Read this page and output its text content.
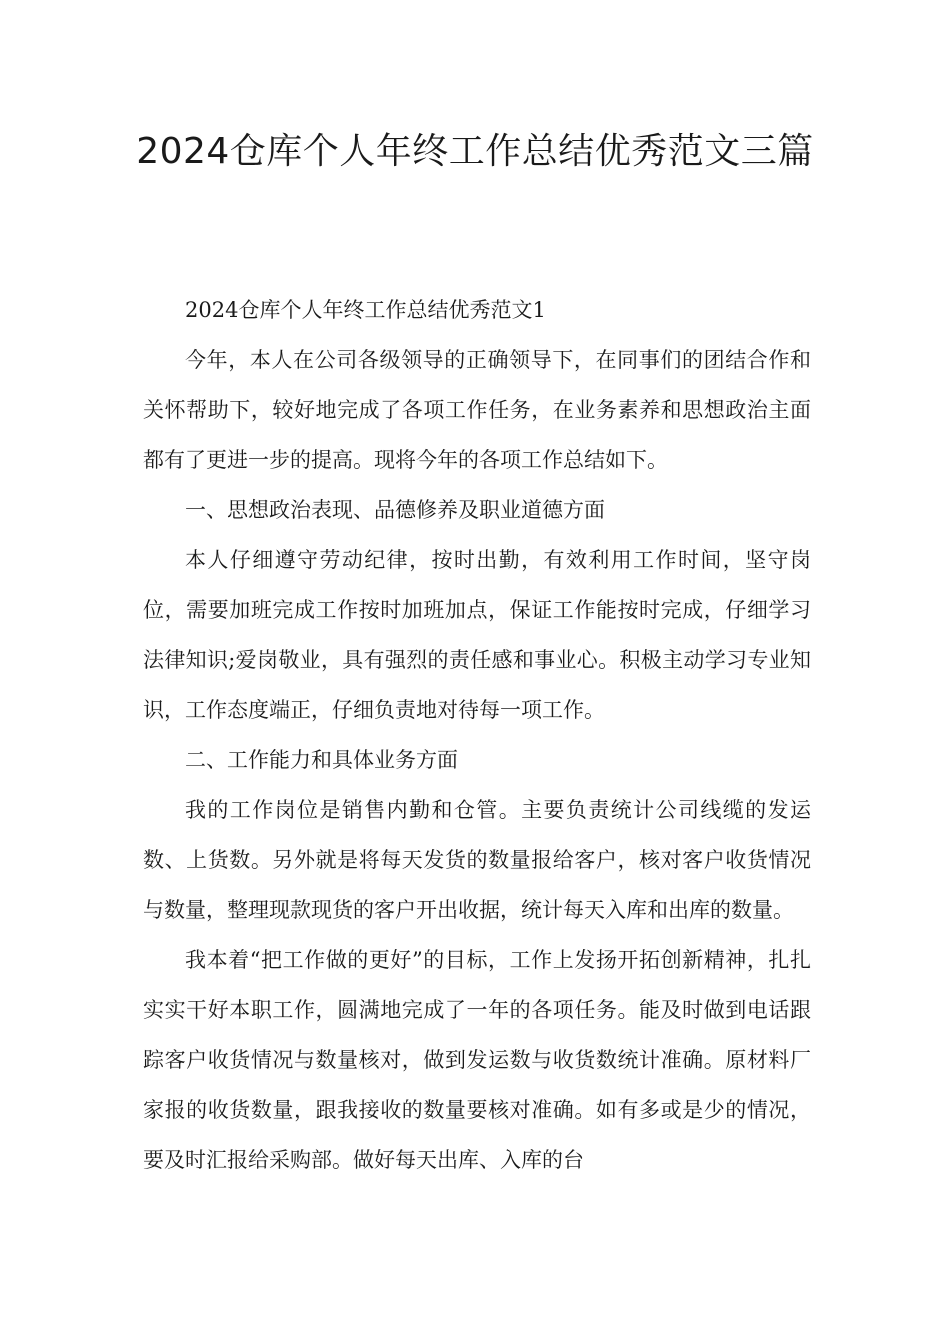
2024仓库个人年终工作总结优秀范文三篇

2024仓库个人年终工作总结优秀范文1

今年，本人在公司各级领导的正确领导下，在同事们的团结合作和关怀帮助下，较好地完成了各项工作任务，在业务素养和思想政治主面都有了更进一步的提高。现将今年的各项工作总结如下。

一、思想政治表现、品德修养及职业道德方面

本人仔细遵守劳动纪律，按时出勤，有效利用工作时间，坚守岗位，需要加班完成工作按时加班加点，保证工作能按时完成，仔细学习法律知识;爱岗敬业，具有强烈的责任感和事业心。积极主动学习专业知识，工作态度端正，仔细负责地对待每一项工作。

二、工作能力和具体业务方面

我的工作岗位是销售内勤和仓管。主要负责统计公司线缆的发运数、上货数。另外就是将每天发货的数量报给客户，核对客户收货情况与数量，整理现款现货的客户开出收据，统计每天入库和出库的数量。

我本着“把工作做的更好”的目标，工作上发扬开拓创新精神，扎扎实实干好本职工作，圆满地完成了一年的各项任务。能及时做到电话跟踪客户收货情况与数量核对，做到发运数与收货数统计准确。原材料厂家报的收货数量，跟我接收的数量要核对准确。如有多或是少的情况，要及时汇报给采购部。做好每天出库、入库的台
